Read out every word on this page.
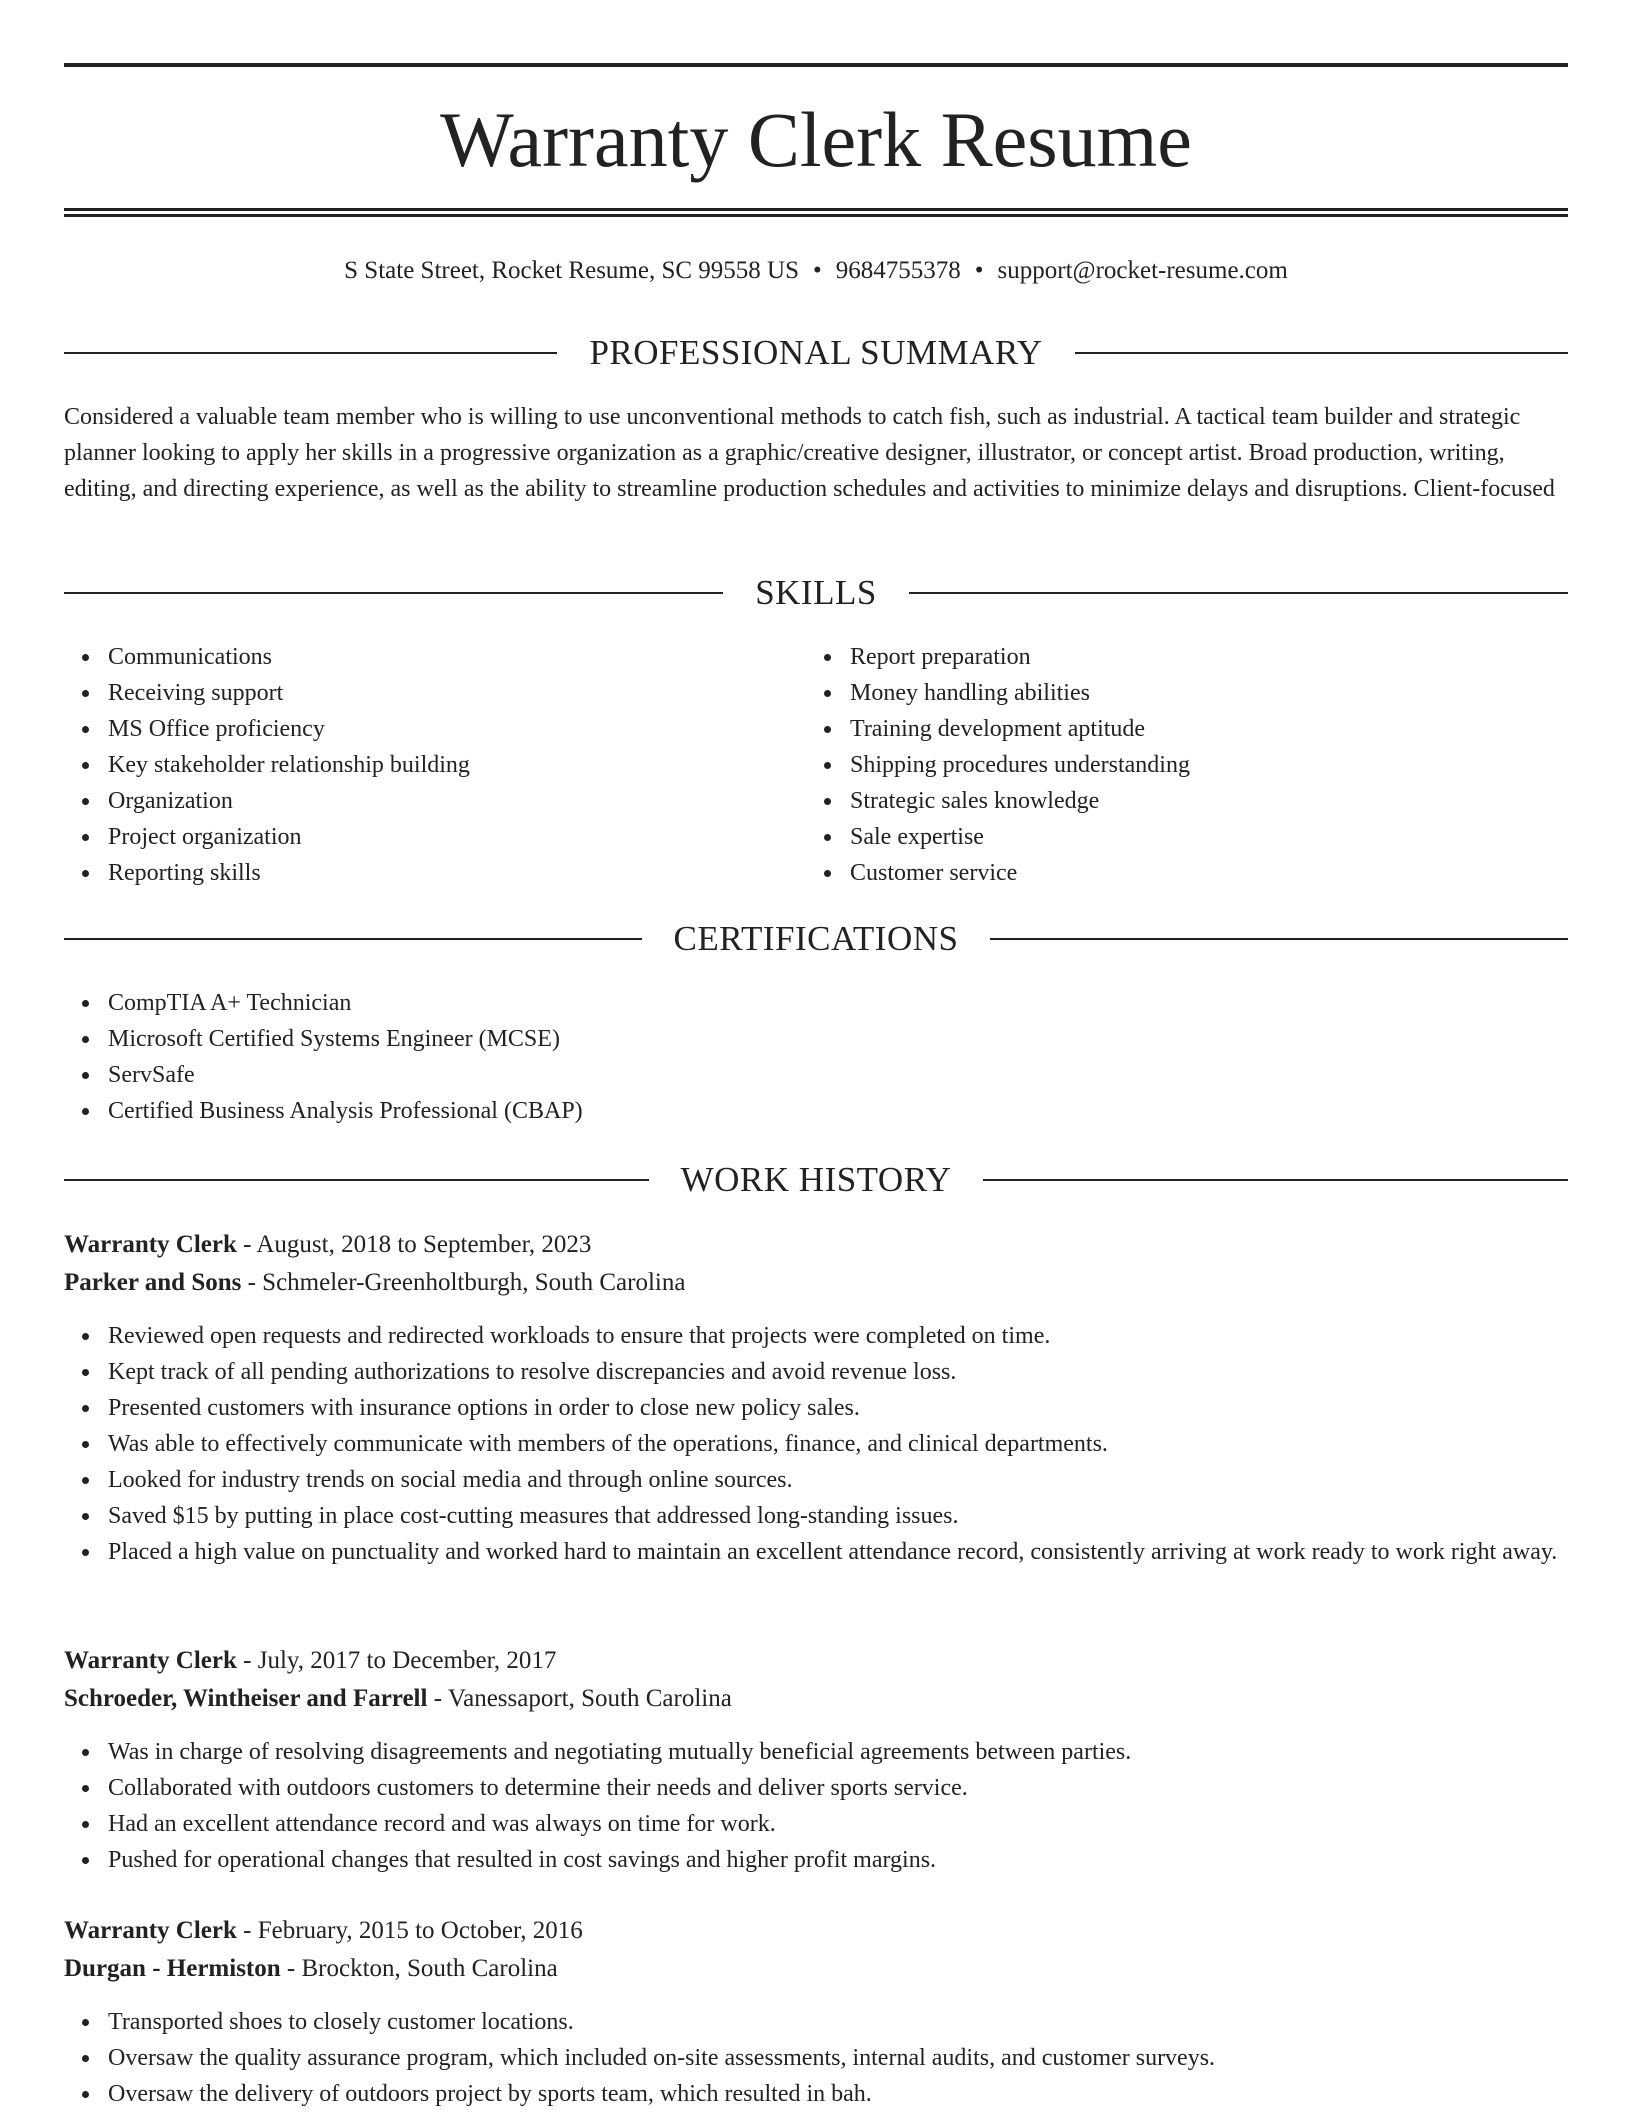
Warranty Clerk Resume
S State Street, Rocket Resume, SC 99558 US • 9684755378 • support@rocket-resume.com
PROFESSIONAL SUMMARY

Considered a valuable team member who is willing to use unconventional methods to catch fish, such as industrial. A tactical team builder and strategic planner looking to apply her skills in a progressive organization as a graphic/creative designer, illustrator, or concept artist. Broad production, writing, editing, and directing experience, as well as the ability to streamline production schedules and activities to minimize delays and disruptions. Client-focused

SKILLS
Communications
Receiving support
MS Office proficiency
Key stakeholder relationship building
Organization
Project organization
Reporting skills
Report preparation
Money handling abilities
Training development aptitude
Shipping procedures understanding
Strategic sales knowledge
Sale expertise
Customer service
CERTIFICATIONS
CompTIA A+ Technician
Microsoft Certified Systems Engineer (MCSE)
ServSafe
Certified Business Analysis Professional (CBAP)
WORK HISTORY
Warranty Clerk - August, 2018 to September, 2023
Parker and Sons - Schmeler-Greenholtburgh, South Carolina
Reviewed open requests and redirected workloads to ensure that projects were completed on time.
Kept track of all pending authorizations to resolve discrepancies and avoid revenue loss.
Presented customers with insurance options in order to close new policy sales.
Was able to effectively communicate with members of the operations, finance, and clinical departments.
Looked for industry trends on social media and through online sources.
Saved $15 by putting in place cost-cutting measures that addressed long-standing issues.
Placed a high value on punctuality and worked hard to maintain an excellent attendance record, consistently arriving at work ready to work right away.
Warranty Clerk - July, 2017 to December, 2017
Schroeder, Wintheiser and Farrell - Vanessaport, South Carolina
Was in charge of resolving disagreements and negotiating mutually beneficial agreements between parties.
Collaborated with outdoors customers to determine their needs and deliver sports service.
Had an excellent attendance record and was always on time for work.
Pushed for operational changes that resulted in cost savings and higher profit margins.
Warranty Clerk - February, 2015 to October, 2016
Durgan - Hermiston - Brockton, South Carolina
Transported shoes to closely customer locations.
Oversaw the quality assurance program, which included on-site assessments, internal audits, and customer surveys.
Oversaw the delivery of outdoors project by sports team, which resulted in bah.
